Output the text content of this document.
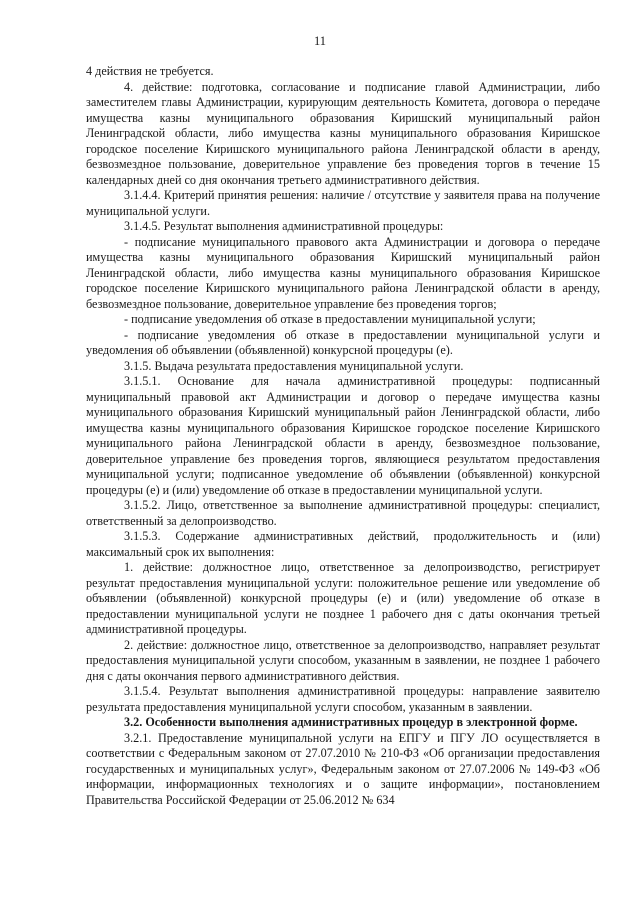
11

4 действия не требуется.

4. действие: подготовка, согласование и подписание главой Администрации, либо заместителем главы Администрации, курирующим деятельность Комитета, договора о передаче имущества казны муниципального образования Киришский муниципальный район Ленинградской области, либо имущества казны муниципального образования Киришское городское поселение Киришского муниципального района Ленинградской области в аренду, безвозмездное пользование, доверительное управление без проведения торгов в течение 15 календарных дней со дня окончания третьего административного действия.

3.1.4.4. Критерий принятия решения: наличие / отсутствие у заявителя права на получение муниципальной услуги.

3.1.4.5. Результат выполнения административной процедуры:

- подписание муниципального правового акта Администрации и договора о передаче имущества казны муниципального образования Киришский муниципальный район Ленинградской области, либо имущества казны муниципального образования Киришское городское поселение Киришского муниципального района Ленинградской области в аренду, безвозмездное пользование, доверительное управление без проведения торгов;

- подписание уведомления об отказе в предоставлении муниципальной услуги;

- подписание уведомления об отказе в предоставлении муниципальной услуги и уведомления об объявлении (объявленной) конкурсной процедуры (е).

3.1.5. Выдача результата предоставления муниципальной услуги.

3.1.5.1. Основание для начала административной процедуры: подписанный муниципальный правовой акт Администрации и договор о передаче имущества казны муниципального образования Киришский муниципальный район Ленинградской области, либо имущества казны муниципального образования Киришское городское поселение Киришского муниципального района Ленинградской области в аренду, безвозмездное пользование, доверительное управление без проведения торгов, являющиеся результатом предоставления муниципальной услуги; подписанное уведомление об объявлении (объявленной) конкурсной процедуры (е) и (или) уведомление об отказе в предоставлении муниципальной услуги.

3.1.5.2. Лицо, ответственное за выполнение административной процедуры: специалист, ответственный за делопроизводство.

3.1.5.3. Содержание административных действий, продолжительность и (или) максимальный срок их выполнения:

1. действие: должностное лицо, ответственное за делопроизводство, регистрирует результат предоставления муниципальной услуги: положительное решение или уведомление об объявлении (объявленной) конкурсной процедуры (е) и (или) уведомление об отказе в предоставлении муниципальной услуги не позднее 1 рабочего дня с даты окончания третьей административной процедуры.

2. действие: должностное лицо, ответственное за делопроизводство, направляет результат предоставления муниципальной услуги способом, указанным в заявлении, не позднее 1 рабочего дня с даты окончания первого административного действия.

3.1.5.4. Результат выполнения административной процедуры: направление заявителю результата предоставления муниципальной услуги способом, указанным в заявлении.

3.2. Особенности выполнения административных процедур в электронной форме.

3.2.1. Предоставление муниципальной услуги на ЕПГУ и ПГУ ЛО осуществляется в соответствии с Федеральным законом от 27.07.2010 № 210-ФЗ «Об организации предоставления государственных и муниципальных услуг», Федеральным законом от 27.07.2006 № 149-ФЗ «Об информации, информационных технологиях и о защите информации», постановлением Правительства Российской Федерации от 25.06.2012 № 634
